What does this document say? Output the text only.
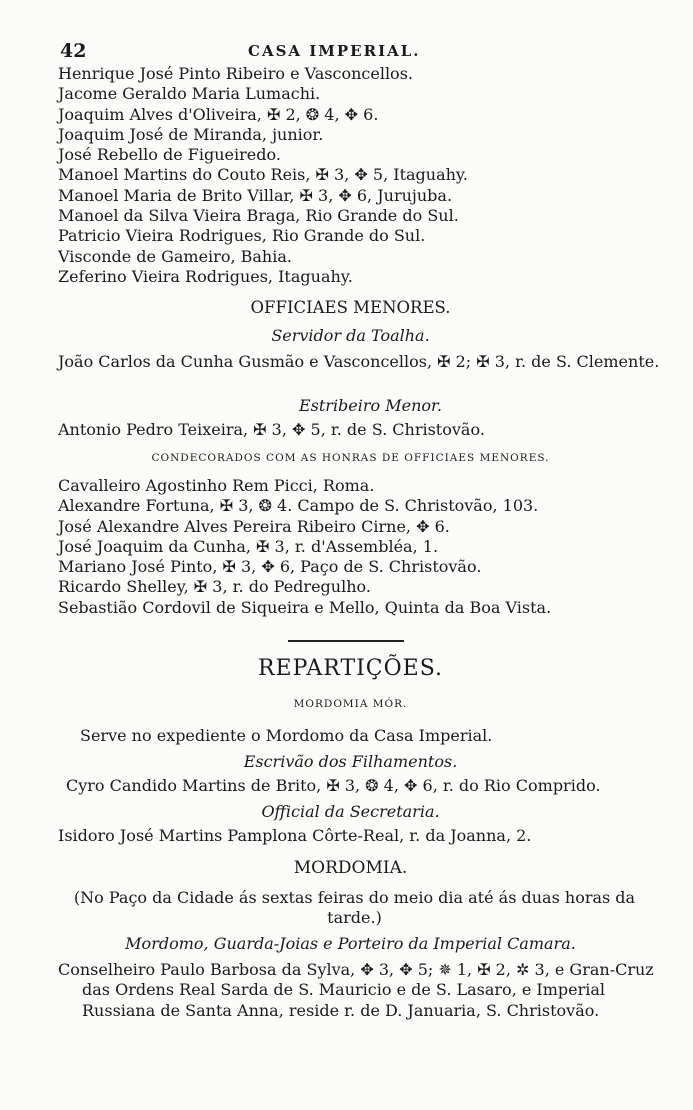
42	CASA IMPERIAL.
Henrique José Pinto Ribeiro e Vasconcellos.
Jacome Geraldo Maria Lumachi.
Joaquim Alves d'Oliveira, ✠ 2, ❂ 4, ✥ 6.
Joaquim José de Miranda, junior.
José Rebello de Figueiredo.
Manoel Martins do Couto Reis, ✠ 3, ✥ 5, Itaguahy.
Manoel Maria de Brito Villar, ✠ 3, ✥ 6, Jurujuba.
Manoel da Silva Vieira Braga, Rio Grande do Sul.
Patricio Vieira Rodrigues, Rio Grande do Sul.
Visconde de Gameiro, Bahia.
Zeferino Vieira Rodrigues, Itaguahy.
OFFICIAES MENORES.
Servidor da Toalha.
João Carlos da Cunha Gusmão e Vasconcellos, ✠ 2; ✠ 3, r. de S. Clemente.
Estribeiro Menor.
Antonio Pedro Teixeira, ✠ 3, ✥ 5, r. de S. Christovão.
CONDECORADOS COM AS HONRAS DE OFFICIAES MENORES.
Cavalleiro Agostinho Rem Picci, Roma.
Alexandre Fortuna, ✠ 3, ❂ 4. Campo de S. Christovão, 103.
José Alexandre Alves Pereira Ribeiro Cirne, ✥ 6.
José Joaquim da Cunha, ✠ 3, r. d'Assembléa, 1.
Mariano José Pinto, ✠ 3, ✥ 6, Paço de S. Christovão.
Ricardo Shelley, ✠ 3, r. do Pedregulho.
Sebastião Cordovil de Siqueira e Mello, Quinta da Boa Vista.
REPARTIÇÕES.
MORDOMIA MÓR.
Serve no expediente o Mordomo da Casa Imperial.
Escrivão dos Filhamentos.
Cyro Candido Martins de Brito, ✠ 3, ❂ 4, ✥ 6, r. do Rio Comprido.
Official da Secretaria.
Isidoro José Martins Pamplona Côrte-Real, r. da Joanna, 2.
MORDOMIA.
(No Paço da Cidade ás sextas feiras do meio dia até ás duas horas da tarde.)
Mordomo, Guarda-Joias e Porteiro da Imperial Camara.
Conselheiro Paulo Barbosa da Sylva, ✥ 3, ✥ 5; ✵ 1, ✠ 2, ✲ 3, e Gran-Cruz das Ordens Real Sarda de S. Mauricio e de S. Lasaro, e Imperial Russiana de Santa Anna, reside r. de D. Januaria, S. Christovão.
